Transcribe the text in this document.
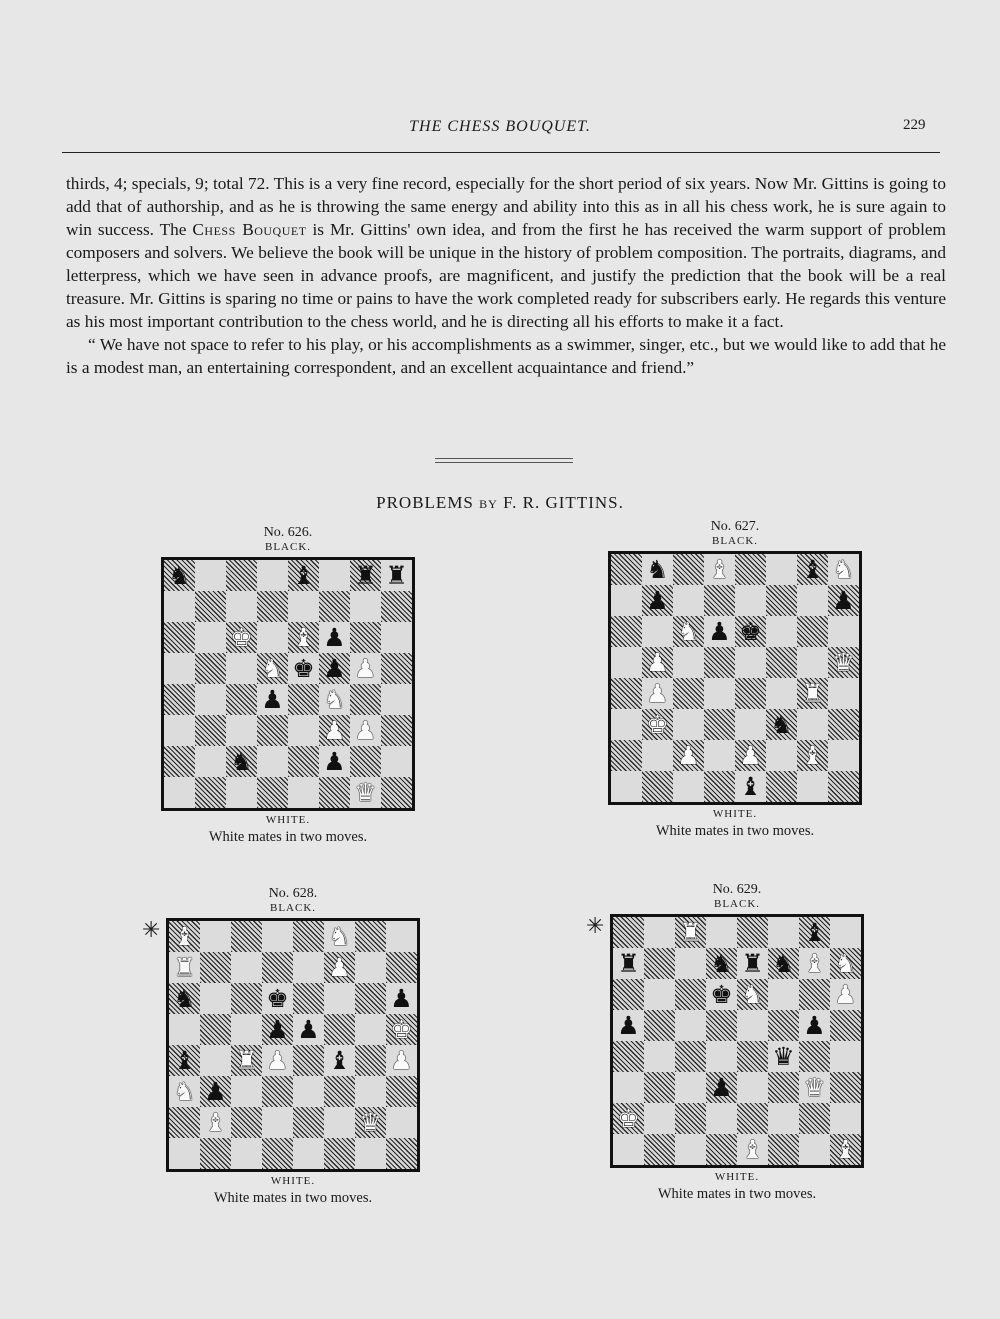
THE CHESS BOUQUET.	229

thirds, 4; specials, 9; total 72. This is a very fine record, especially for the short period of six years. Now Mr. Gittins is going to add that of authorship, and as he is throwing the same energy and ability into this as in all his chess work, he is sure again to win success. The Chess Bouquet is Mr. Gittins' own idea, and from the first he has received the warm support of problem composers and solvers. We believe the book will be unique in the history of problem composition. The portraits, diagrams, and letterpress, which we have seen in advance proofs, are magnificent, and justify the prediction that the book will be a real treasure. Mr. Gittins is sparing no time or pains to have the work completed ready for subscribers early. He regards this venture as his most important contribution to the chess world, and he is directing all his efforts to make it a fact.

“ We have not space to refer to his play, or his accomplishments as a swimmer, singer, etc., but we would like to add that he is a modest man, an entertaining correspondent, and an excellent acquaintance and friend.”

PROBLEMS BY F. R. GITTINS.
No. 626.
BLACK.
♞	♝ ♜ ♜
♚ ♝ ♟
♞ ♚ ♟ ♟
♟ ♞
♟ ♟
♞	♟
♛
WHITE.
White mates in two moves.
No. 627.
BLACK.
♞ ♝	♝ ♞
♟	♟
♞ ♟ ♚
♟	♛
♟	♜
♚	♞
♟ ♟ ♝
♝
WHITE.
White mates in two moves.
No. 628.
BLACK.
♝	♞
♜	♟
♞	♚	♟
♟ ♟	♚
♝ ♜ ♟ ♝ ♟
♞ ♟
♝	♛
WHITE.
White mates in two moves.
✳
No. 629.
BLACK.
♜	♝
♜	♞ ♜ ♞ ♝ ♞
♚ ♞	♟
♟	♟
♛
♟	♛
♚
♝	♝
WHITE.
White mates in two moves.
✳
